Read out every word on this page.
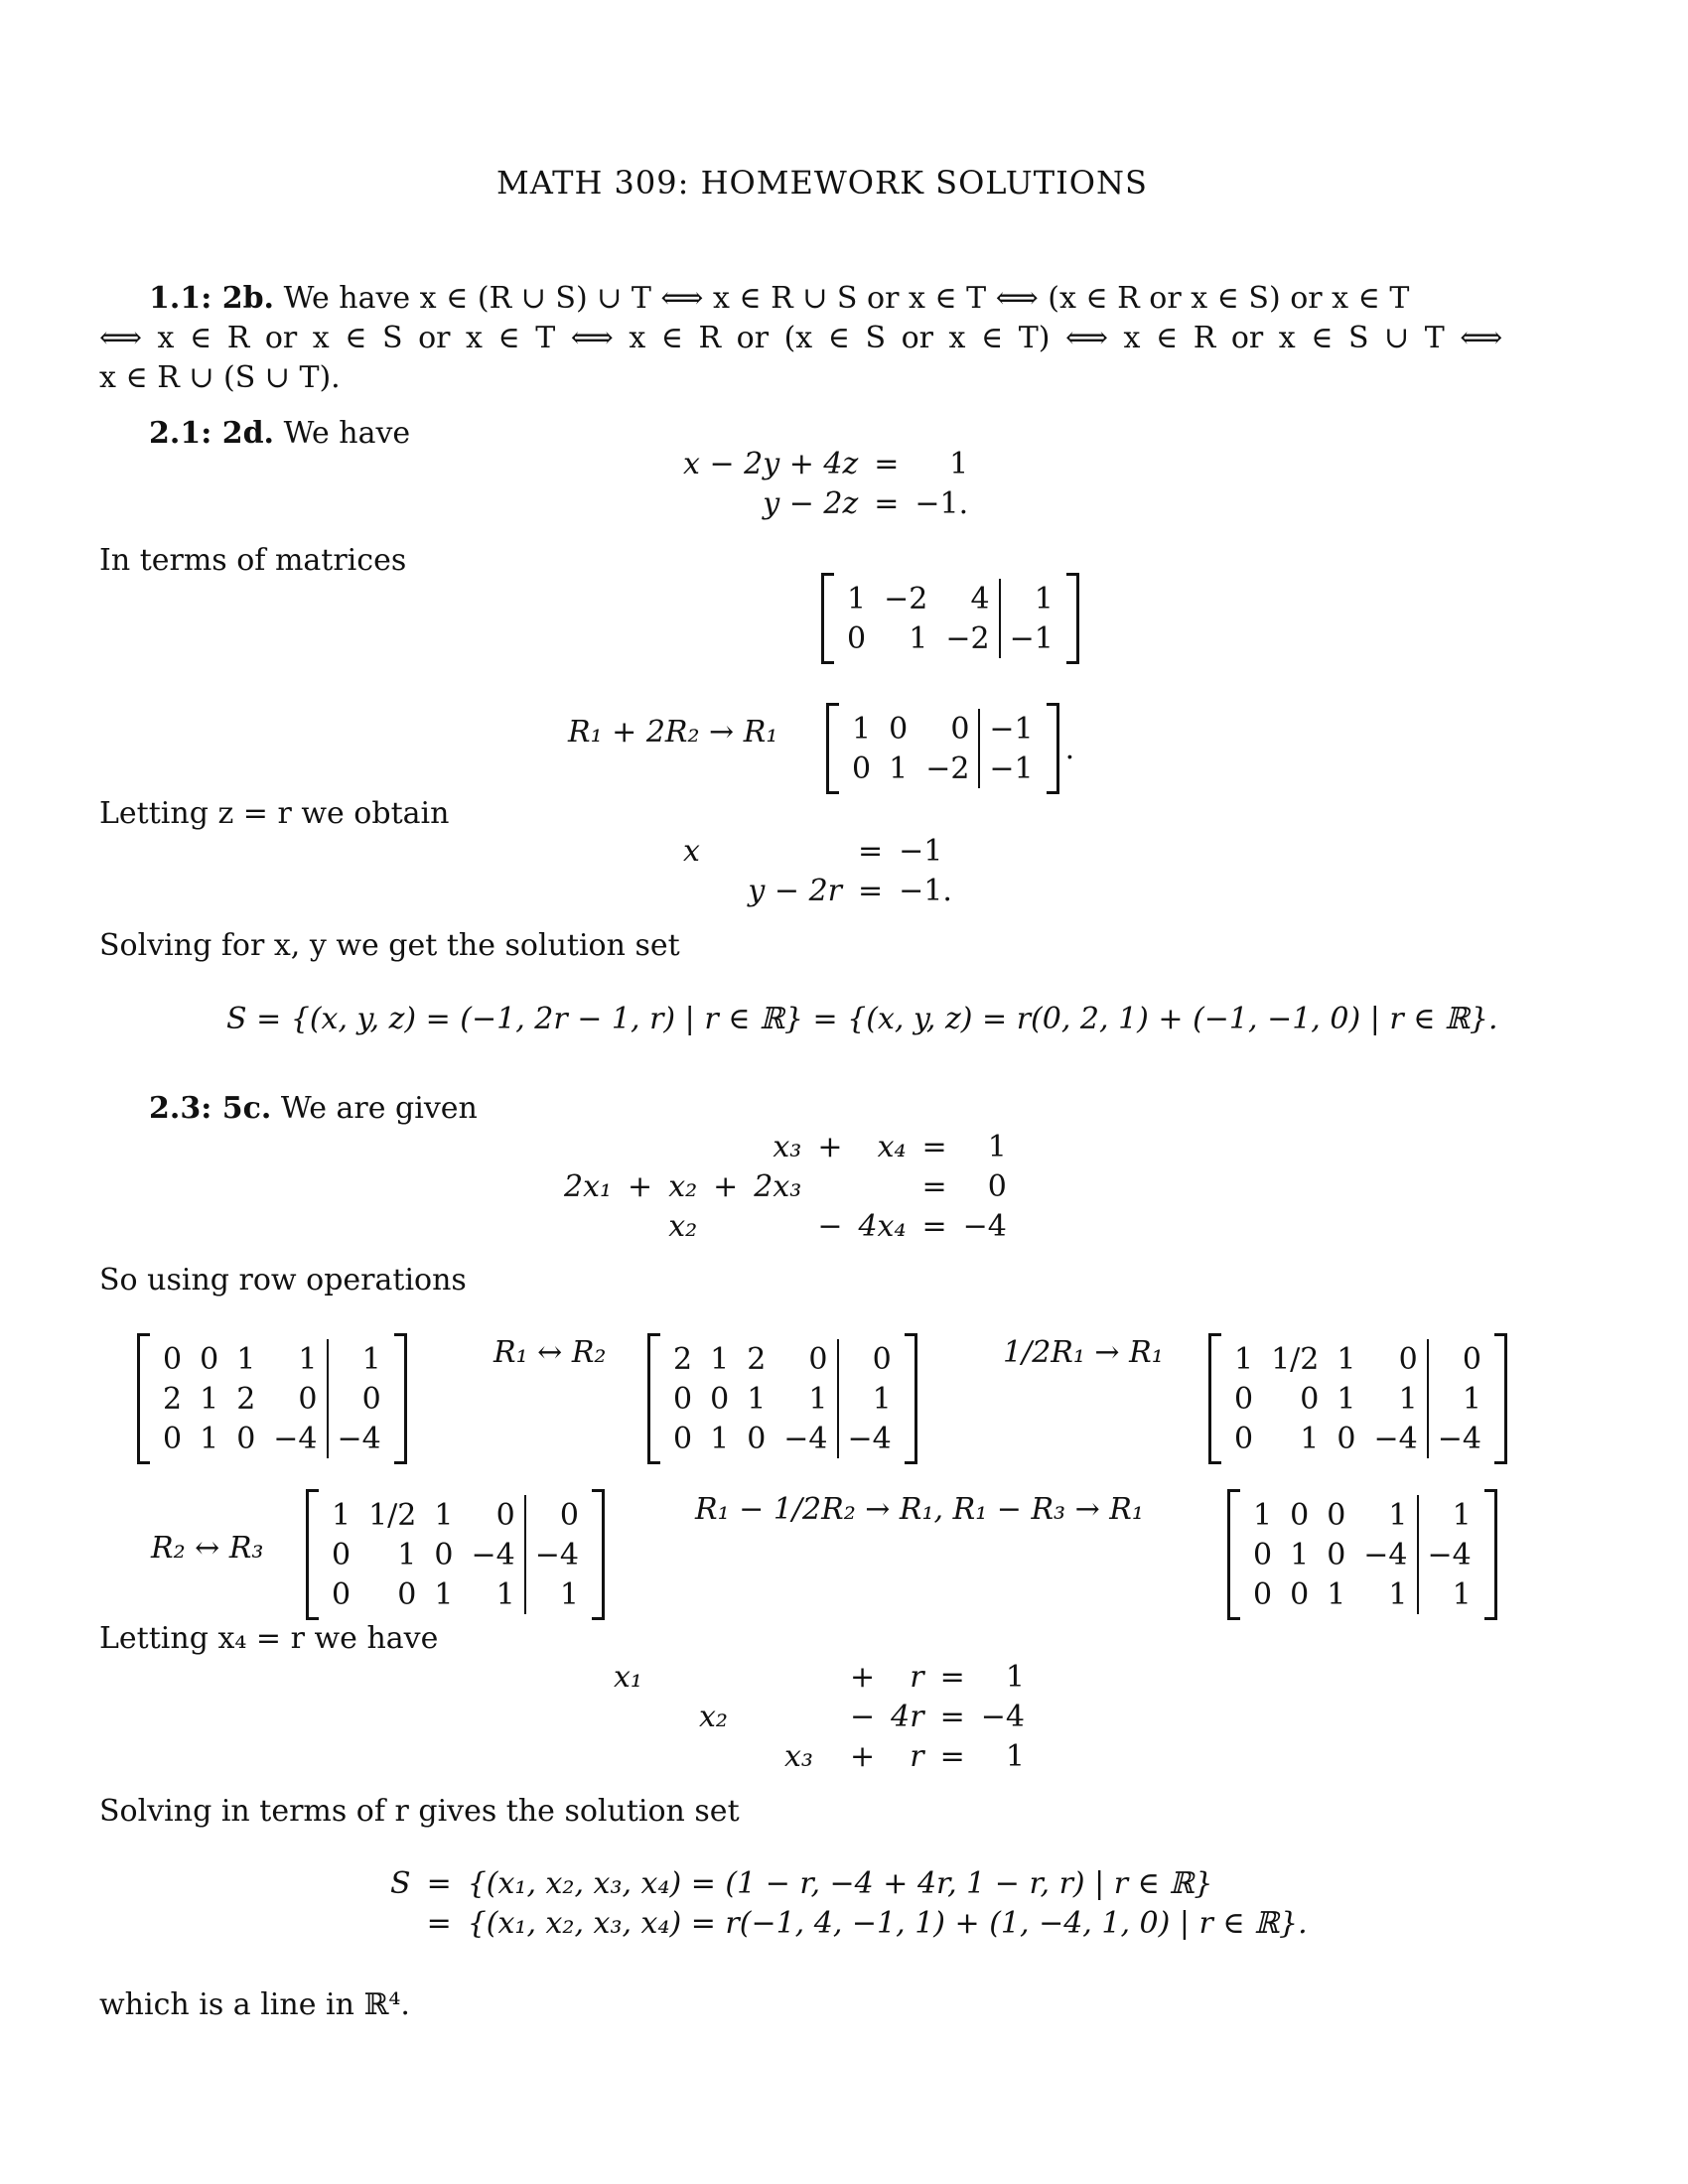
MATH 309: HOMEWORK SOLUTIONS
1.1: 2b. We have x ∈ (R ∪ S) ∪ T ⟺ x ∈ R ∪ S or x ∈ T ⟺ (x ∈ R or x ∈ S) or x ∈ T
⟺ x ∈ R or x ∈ S or x ∈ T ⟺ x ∈ R or (x ∈ S or x ∈ T) ⟺ x ∈ R or x ∈ S ∪ T ⟺
x ∈ R ∪ (S ∪ T).
2.1: 2d. We have
x − 2y + 4z	=	1
y − 2z	=	−1.
In terms of matrices
1	−2	4	1
0	1	−2	−1
R₁ + 2R₂ → R₁ 1	0	0	−1
0	1	−2	−1
.
Letting z = r we obtain
x	=	−1
y − 2r	=	−1.
Solving for x, y we get the solution set
S = {(x, y, z) = (−1, 2r − 1, r) | r ∈ ℝ} = {(x, y, z) = r(0, 2, 1) + (−1, −1, 0) | r ∈ ℝ}.
2.3: 5c. We are given
				x₃	+	x₄	=	1
2x₁	+	x₂	+	2x₃			=	0
		x₂			−	4x₄	=	−4
So using row operations
0	0	1	1	1
2	1	2	0	0
0	1	0	−4	−4
R₁ ↔ R₂ 2	1	2	0	0
0	0	1	1	1
0	1	0	−4	−4
1/2R₁ → R₁ 1	1/2	1	0	0
0	0	1	1	1
0	1	0	−4	−4
R₂ ↔ R₃
1	1/2	1	0	0
0	1	0	−4	−4
0	0	1	1	1
R₁ − 1/2R₂ → R₁, R₁ − R₃ → R₁	1	0	0	1	1
0	1	0	−4	−4
0	0	1	1	1
Letting x₄ = r we have
x₁			+	r	=	1
	x₂		−	4r	=	−4
		x₃	+	r	=	1
Solving in terms of r gives the solution set
S	=	{(x₁, x₂, x₃, x₄) = (1 − r, −4 + 4r, 1 − r, r) | r ∈ ℝ}
	=	{(x₁, x₂, x₃, x₄) = r(−1, 4, −1, 1) + (1, −4, 1, 0) | r ∈ ℝ}.
which is a line in ℝ⁴.
